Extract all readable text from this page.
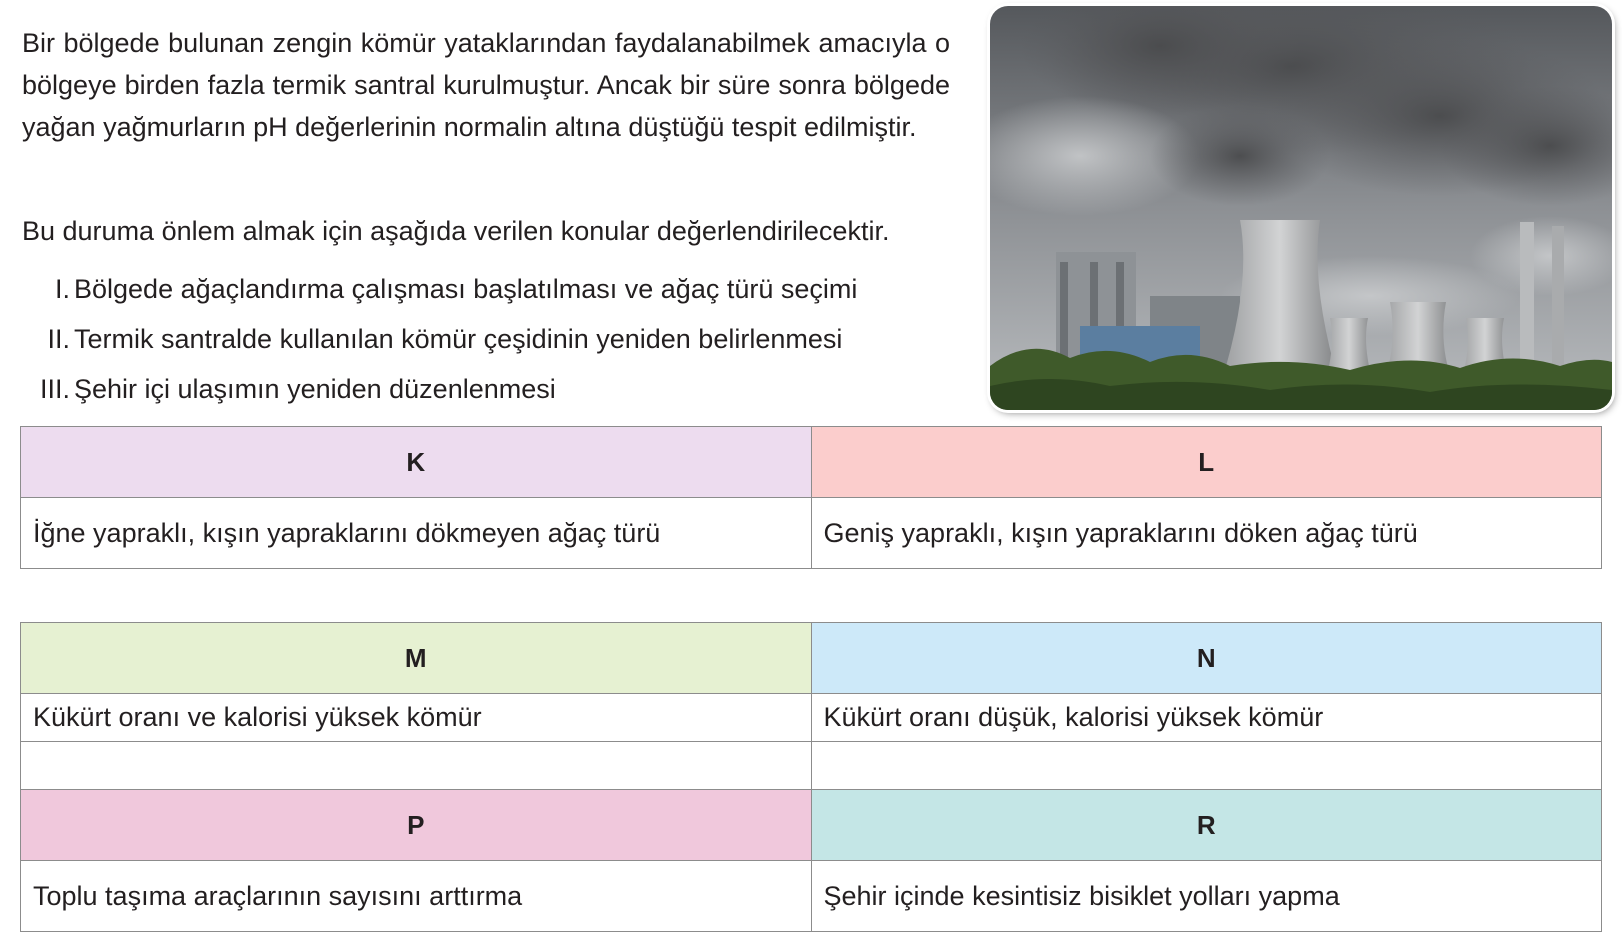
Bir bölgede bulunan zengin kömür yataklarından faydalanabilmek amacıyla o bölgeye birden fazla termik santral kurulmuştur. Ancak bir süre sonra bölgede yağan yağmurların pH değerlerinin normalin altına düştüğü tespit edilmiştir.

Bu duruma önlem almak için aşağıda verilen konular değerlendirilecektir.

I. Bölgede ağaçlandırma çalışması başlatılması ve ağaç türü seçimi
II. Termik santralde kullanılan kömür çeşidinin yeniden belirlenmesi
III. Şehir içi ulaşımın yeniden düzenlenmesi
K	L
İğne yapraklı, kışın yapraklarını dökmeyen ağaç türü	Geniş yapraklı, kışın yapraklarını döken ağaç türü
M	N
Kükürt oranı ve kalorisi yüksek kömür	Kükürt oranı düşük, kalorisi yüksek kömür

P	R
Toplu taşıma araçlarının sayısını arttırma	Şehir içinde kesintisiz bisiklet yolları yapma
